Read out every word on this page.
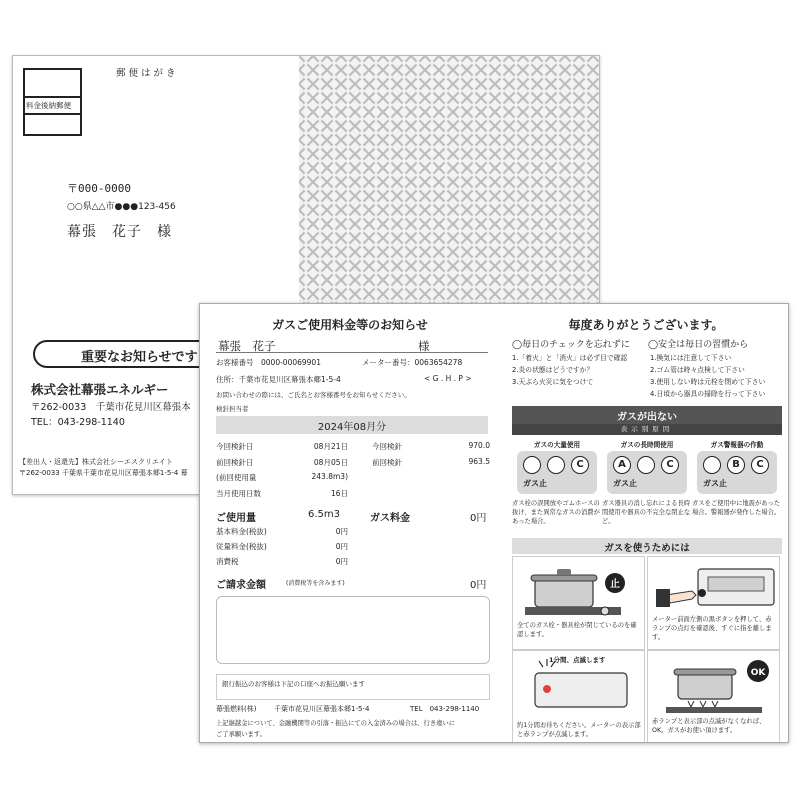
料金後納郵便
郵便はがき
〒000-0000
○○県△△市●●●123-456
幕張　花子　様
重要なお知らせです
株式会社幕張エネルギー
〒262-0033　千葉市花見川区幕張本
TEL：043-298-1140
【差出人・返還先】株式会社シーエスクリエイト
〒262-0033 千葉県千葉市花見川区幕張本郷1-5-4 幕
ガスご使用料金等のお知らせ
幕張　花子	様
お客様番号　0000-00069901	メーター番号：0063654278
住所：千葉市花見川区幕張本郷1-5-4	< G . H . P >
お問い合わせの際には、ご氏名とお客様番号をお知らせください。
検針担当者
2024年08月分
今回検針日	08月21日	今回検針	970.0
前回検針日	08月05日	前回検針	963.5
(前回使用量	243.8m3)
当月使用日数	16日
ご使用量	6.5m3	ガス料金	0円
基本料金(税抜)	0円
従量料金(税抜)	0円
消費税	0円
ご請求金額	(消費税等を含みます)	0円
銀行振込のお客様は下記の口座へお振込願います
幕張燃料(株)	千葉市花見川区幕張本郷1-5-4	TEL　043-298-1140
上記継越金について、金融機関等の引落・振込にての入金済みの場合は、行き違いに
ご了承願います。
毎度ありがとうございます。
◯毎日のチェックを忘れずに
1.「着火」と「消火」は必ず目で確認
2.炎の状態はどうですか？
3.天ぷら火災に気をつけて
◯安全は毎日の習慣から
1.換気には注意して下さい
2.ゴム管は時々点検して下さい
3.使用しない時は元栓を閉めて下さい
4.日頃から器具の掃除を行って下さい
ガスが出ない
表示別原因
ガスの大量使用
C
ガス止
ガス栓の誤開放やゴムホースの抜け、また異常なガスの消費があった場合。
ガスの長時間使用
A	C
ガス止
ガス器具の消し忘れによる長時間使用や器具の不完全な閉止など。
ガス警報器の作動
B	C
ガス止
ガスをご使用中に地震があった場合。警報器が発作した場合。
ガスを使うためには
止
全てのガス栓・器具栓が閉じているのを確認します。
メーター前面左側の黒ボタンを押して、赤ランプの点灯を確認後、すぐに指を離します。
1分間、点滅します
約1分間お待ちください。メーターの表示部と赤ランプが点滅します。
OK
赤ランプと表示部の点滅がなくなれば、OK。ガスがお使い頂けます。
